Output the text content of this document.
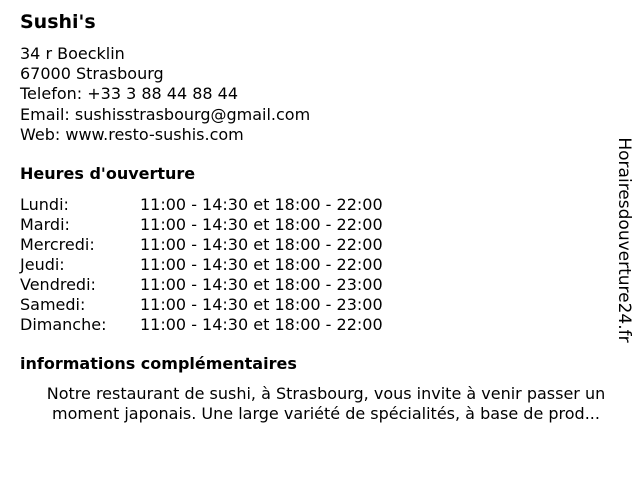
Sushi's
34 r Boecklin
67000 Strasbourg
Telefon: +33 3 88 44 88 44
Email: sushisstrasbourg@gmail.com
Web: www.resto-sushis.com
Heures d'ouverture
Lundi:	11:00 - 14:30 et 18:00 - 22:00
Mardi:	11:00 - 14:30 et 18:00 - 22:00
Mercredi:	11:00 - 14:30 et 18:00 - 22:00
Jeudi:	11:00 - 14:30 et 18:00 - 22:00
Vendredi:	11:00 - 14:30 et 18:00 - 23:00
Samedi:	11:00 - 14:30 et 18:00 - 23:00
Dimanche:	11:00 - 14:30 et 18:00 - 22:00
informations complémentaires
Notre restaurant de sushi, à Strasbourg, vous invite à venir passer un
moment japonais. Une large variété de spécialités, à base de prod...
Horairesdouverture24.fr
